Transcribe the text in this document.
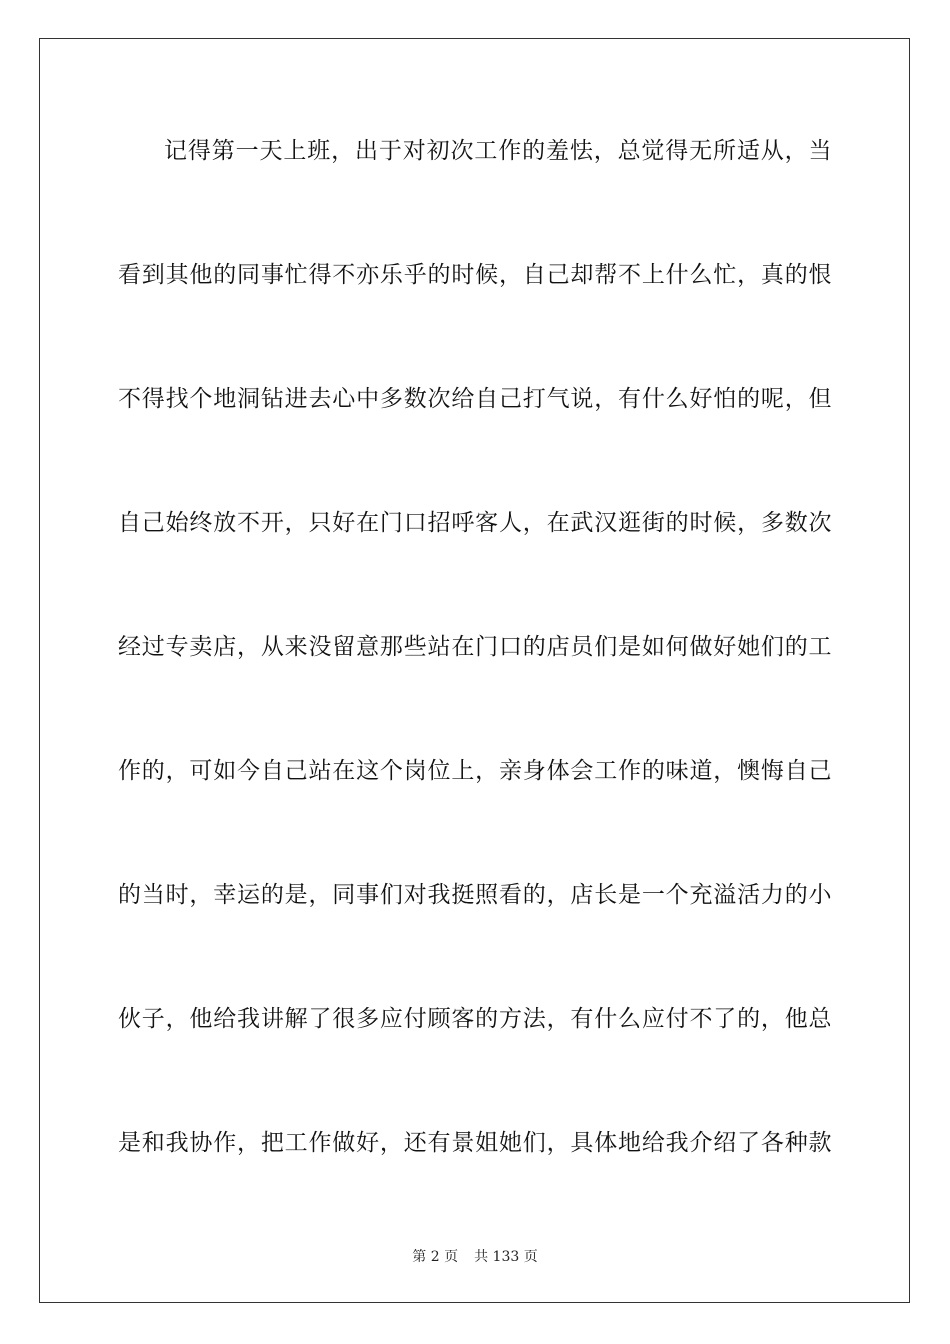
记得第一天上班，出于对初次工作的羞怯，总觉得无所适从，当
看到其他的同事忙得不亦乐乎的时候，自己却帮不上什么忙，真的恨
不得找个地洞钻进去心中多数次给自己打气说，有什么好怕的呢，但
自己始终放不开，只好在门口招呼客人，在武汉逛街的时候，多数次
经过专卖店，从来没留意那些站在门口的店员们是如何做好她们的工
作的，可如今自己站在这个岗位上，亲身体会工作的味道，懊悔自己
的当时，幸运的是，同事们对我挺照看的，店长是一个充溢活力的小
伙子，他给我讲解了很多应付顾客的方法，有什么应付不了的，他总
是和我协作，把工作做好，还有景姐她们，具体地给我介绍了各种款
第 2 页 共 133 页
